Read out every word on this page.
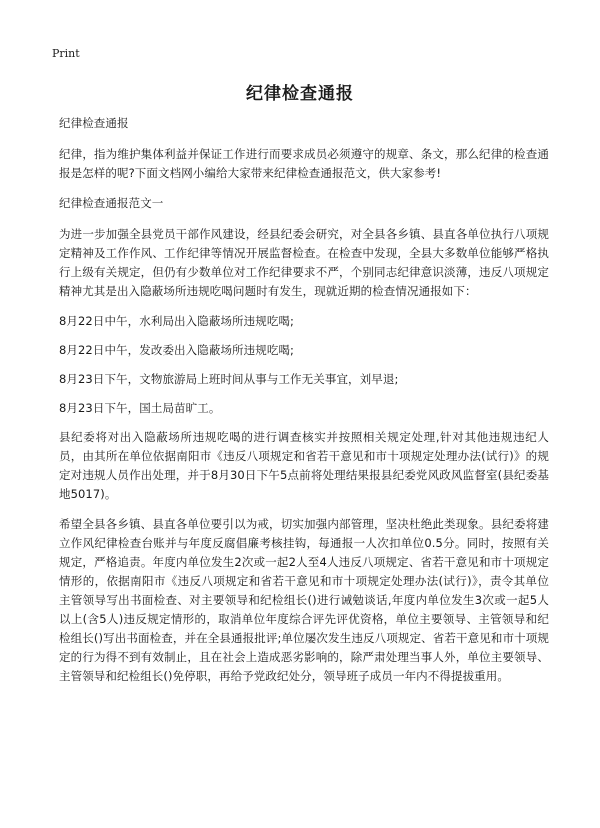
Print
纪律检查通报

纪律检查通报

纪律，指为维护集体利益并保证工作进行而要求成员必须遵守的规章、条文，那么纪律的检查通报是怎样的呢?下面文档网小编给大家带来纪律检查通报范文，供大家参考!

纪律检查通报范文一

为进一步加强全县党员干部作风建设，经县纪委会研究，对全县各乡镇、县直各单位执行八项规定精神及工作作风、工作纪律等情况开展监督检查。在检查中发现，全县大多数单位能够严格执行上级有关规定，但仍有少数单位对工作纪律要求不严，个别同志纪律意识淡薄，违反八项规定精神尤其是出入隐蔽场所违规吃喝问题时有发生，现就近期的检查情况通报如下：

8月22日中午，水利局出入隐蔽场所违规吃喝;

8月22日中午，发改委出入隐蔽场所违规吃喝;

8月23日下午，文物旅游局上班时间从事与工作无关事宜，刘早退;

8月23日下午，国土局苗旷工。

县纪委将对出入隐蔽场所违规吃喝的进行调查核实并按照相关规定处理,针对其他违规违纪人员，由其所在单位依据南阳市《违反八项规定和省若干意见和市十项规定处理办法(试行)》的规定对违规人员作出处理，并于8月30日下午5点前将处理结果报县纪委党风政风监督室(县纪委基地5017)。

希望全县各乡镇、县直各单位要引以为戒，切实加强内部管理，坚决杜绝此类现象。县纪委将建立作风纪律检查台账并与年度反腐倡廉考核挂钩，每通报一人次扣单位0.5分。同时，按照有关规定，严格追责。年度内单位发生2次或一起2人至4人违反八项规定、省若干意见和市十项规定情形的，依据南阳市《违反八项规定和省若干意见和市十项规定处理办法(试行)》，责令其单位主管领导写出书面检查、对主要领导和纪检组长()进行诫勉谈话,年度内单位发生3次或一起5人以上(含5人)违反规定情形的，取消单位年度综合评先评优资格，单位主要领导、主管领导和纪检组长()写出书面检查，并在全县通报批评;单位屡次发生违反八项规定、省若干意见和市十项规定的行为得不到有效制止，且在社会上造成恶劣影响的，除严肃处理当事人外，单位主要领导、主管领导和纪检组长()免停职，再给予党政纪处分，领导班子成员一年内不得提拔重用。
